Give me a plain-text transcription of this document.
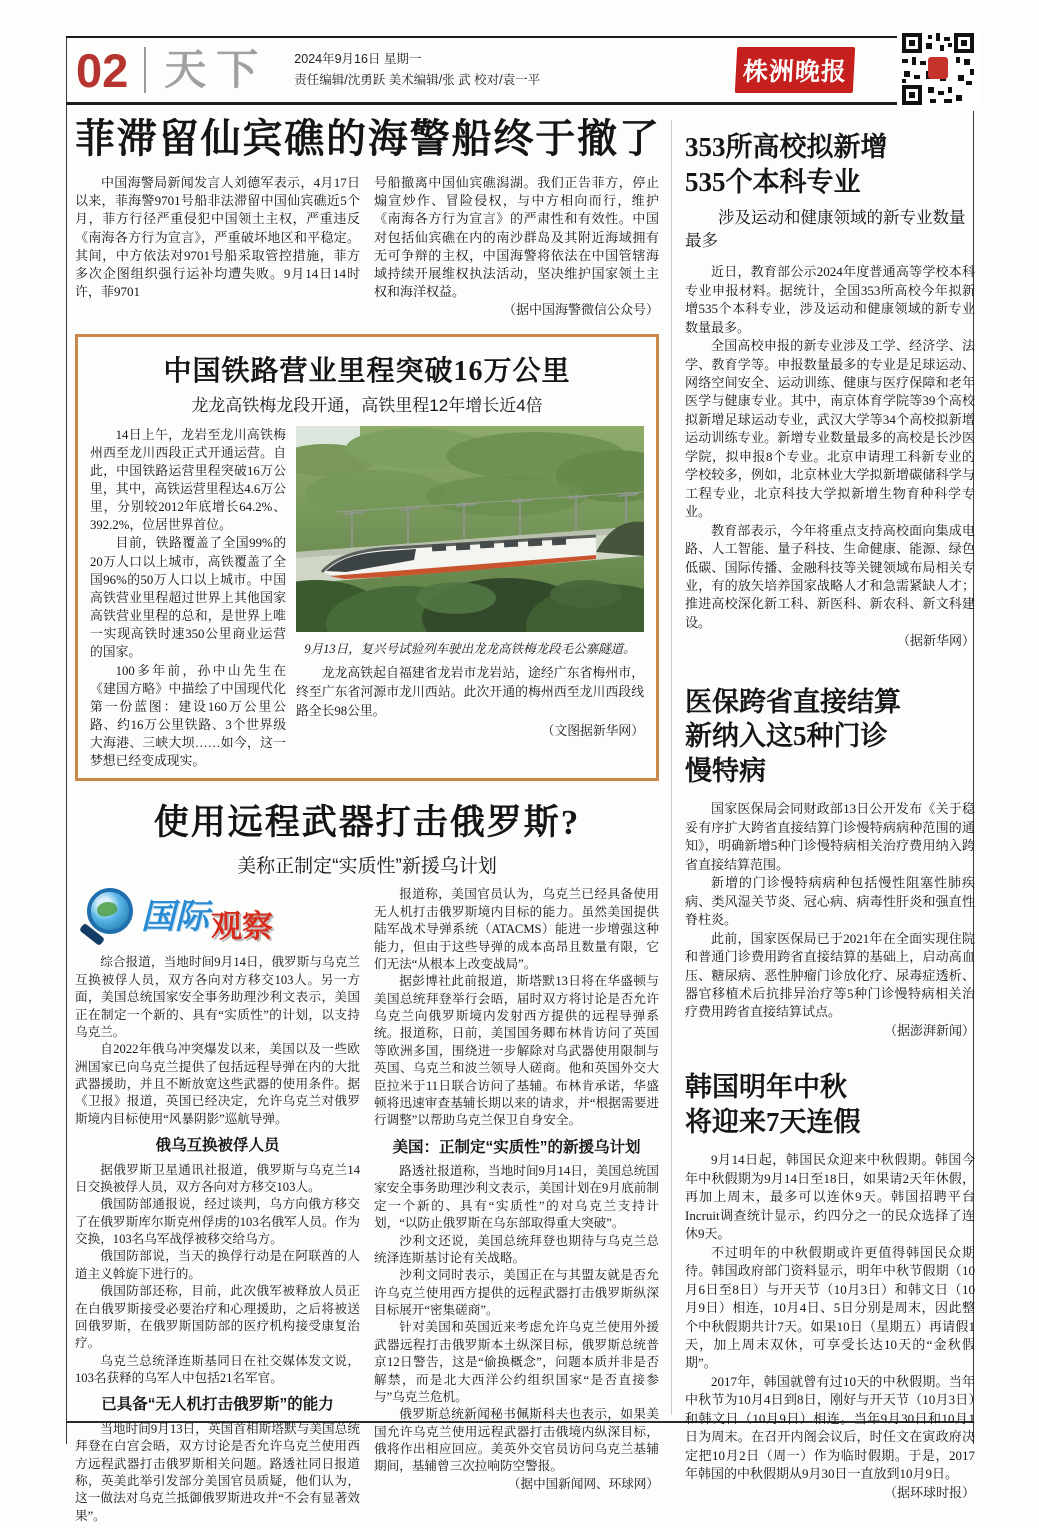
02 天下 2024年9月16日 星期一
责任编辑/沈勇跃 美术编辑/张 武 校对/袁一平	株洲晚报
菲滞留仙宾礁的海警船终于撤了

中国海警局新闻发言人刘德军表示，4月17日以来，菲海警9701号船非法滞留中国仙宾礁近5个月，菲方行径严重侵犯中国领土主权，严重违反《南海各方行为宣言》，严重破坏地区和平稳定。其间，中方依法对9701号船采取管控措施，菲方多次企图组织强行运补均遭失败。9月14日14时许，菲9701

号船撤离中国仙宾礁潟湖。我们正告菲方，停止煽宣炒作、冒险侵权，与中方相向而行，维护《南海各方行为宣言》的严肃性和有效性。中国对包括仙宾礁在内的南沙群岛及其附近海域拥有无可争辩的主权，中国海警将依法在中国管辖海域持续开展维权执法活动，坚决维护国家领土主权和海洋权益。

（据中国海警微信公众号）

中国铁路营业里程突破16万公里
龙龙高铁梅龙段开通，高铁里程12年增长近4倍
9月13日，复兴号试验列车驶出龙龙高铁梅龙段毛公寨隧道。

龙龙高铁起自福建省龙岩市龙岩站，途经广东省梅州市，终至广东省河源市龙川西站。此次开通的梅州西至龙川西段线路全长98公里。

（文图据新华网）

14日上午，龙岩至龙川高铁梅州西至龙川西段正式开通运营。自此，中国铁路运营里程突破16万公里，其中，高铁运营里程达4.6万公里，分别较2012年底增长64.2%、392.2%，位居世界首位。

目前，铁路覆盖了全国99%的20万人口以上城市，高铁覆盖了全国96%的50万人口以上城市。中国高铁营业里程超过世界上其他国家高铁营业里程的总和，是世界上唯一实现高铁时速350公里商业运营的国家。

100多年前，孙中山先生在《建国方略》中描绘了中国现代化第一份蓝图：建设160万公里公路、约16万公里铁路、3个世界级大海港、三峡大坝……如今，这一梦想已经变成现实。

使用远程武器打击俄罗斯?
美称正制定“实质性”新援乌计划
国际观察

综合报道，当地时间9月14日，俄罗斯与乌克兰互换被俘人员，双方各向对方移交103人。另一方面，美国总统国家安全事务助理沙利文表示，美国正在制定一个新的、具有“实质性”的计划，以支持乌克兰。

自2022年俄乌冲突爆发以来，美国以及一些欧洲国家已向乌克兰提供了包括远程导弹在内的大批武器援助，并且不断放宽这些武器的使用条件。据《卫报》报道，英国已经决定，允许乌克兰对俄罗斯境内目标使用“风暴阴影”巡航导弹。

俄乌互换被俘人员

据俄罗斯卫星通讯社报道，俄罗斯与乌克兰14日交换被俘人员，双方各向对方移交103人。

俄国防部通报说，经过谈判，乌方向俄方移交了在俄罗斯库尔斯克州俘虏的103名俄军人员。作为交换，103名乌军战俘被移交给乌方。

俄国防部说，当天的换俘行动是在阿联酋的人道主义斡旋下进行的。

俄国防部还称，目前，此次俄军被释放人员正在白俄罗斯接受必要治疗和心理援助，之后将被送回俄罗斯，在俄罗斯国防部的医疗机构接受康复治疗。

乌克兰总统泽连斯基同日在社交媒体发文说，103名获释的乌军人中包括21名军官。

已具备“无人机打击俄罗斯”的能力

当地时间9月13日，英国首相斯塔默与美国总统拜登在白宫会晤，双方讨论是否允许乌克兰使用西方远程武器打击俄罗斯相关问题。路透社同日报道称，英美此举引发部分美国官员质疑，他们认为，这一做法对乌克兰抵御俄罗斯进攻并“不会有显著效果”。

报道称，美国官员认为，乌克兰已经具备使用无人机打击俄罗斯境内目标的能力。虽然美国提供陆军战术导弹系统（ATACMS）能进一步增强这种能力，但由于这些导弹的成本高昂且数量有限，它们无法“从根本上改变战局”。

据彭博社此前报道，斯塔默13日将在华盛顿与美国总统拜登举行会晤，届时双方将讨论是否允许乌克兰向俄罗斯境内发射西方提供的远程导弹系统。报道称，日前，美国国务卿布林肯访问了英国等欧洲多国，围绕进一步解除对乌武器使用限制与英国、乌克兰和波兰领导人磋商。他和英国外交大臣拉米于11日联合访问了基辅。布林肯承诺，华盛顿将迅速审查基辅长期以来的请求，并“根据需要进行调整”以帮助乌克兰保卫自身安全。

美国：正制定“实质性”的新援乌计划

路透社报道称，当地时间9月14日，美国总统国家安全事务助理沙利文表示，美国计划在9月底前制定一个新的、具有“实质性”的对乌克兰支持计划，“以防止俄罗斯在乌东部取得重大突破”。

沙利文还说，美国总统拜登也期待与乌克兰总统泽连斯基讨论有关战略。

沙利文同时表示，美国正在与其盟友就是否允许乌克兰使用西方提供的远程武器打击俄罗斯纵深目标展开“密集磋商”。

针对美国和英国近来考虑允许乌克兰使用外援武器远程打击俄罗斯本土纵深目标，俄罗斯总统普京12日警告，这是“偷换概念”，问题本质并非是否解禁，而是北大西洋公约组织国家“是否直接参与”乌克兰危机。

俄罗斯总统新闻秘书佩斯科夫也表示，如果美国允许乌克兰使用远程武器打击俄境内纵深目标，俄将作出相应回应。美英外交官员访问乌克兰基辅期间，基辅曾三次拉响防空警报。

（据中国新闻网、环球网）

353所高校拟新增
535个本科专业
涉及运动和健康领域的新专业数量最多

近日，教育部公示2024年度普通高等学校本科专业申报材料。据统计，全国353所高校今年拟新增535个本科专业，涉及运动和健康领域的新专业数量最多。

全国高校申报的新专业涉及工学、经济学、法学、教育学等。申报数量最多的专业是足球运动、网络空间安全、运动训练、健康与医疗保障和老年医学与健康专业。其中，南京体育学院等39个高校拟新增足球运动专业，武汉大学等34个高校拟新增运动训练专业。新增专业数量最多的高校是长沙医学院，拟申报8个专业。北京申请理工科新专业的学校较多，例如，北京林业大学拟新增碳储科学与工程专业，北京科技大学拟新增生物育种科学专业。

教育部表示，今年将重点支持高校面向集成电路、人工智能、量子科技、生命健康、能源、绿色低碳、国际传播、金融科技等关键领域布局相关专业，有的放矢培养国家战略人才和急需紧缺人才；推进高校深化新工科、新医科、新农科、新文科建设。

（据新华网）

医保跨省直接结算
新纳入这5种门诊
慢特病

国家医保局会同财政部13日公开发布《关于稳妥有序扩大跨省直接结算门诊慢特病病种范围的通知》，明确新增5种门诊慢特病相关治疗费用纳入跨省直接结算范围。

新增的门诊慢特病病种包括慢性阻塞性肺疾病、类风湿关节炎、冠心病、病毒性肝炎和强直性脊柱炎。

此前，国家医保局已于2021年在全面实现住院和普通门诊费用跨省直接结算的基础上，启动高血压、糖尿病、恶性肿瘤门诊放化疗、尿毒症透析、器官移植术后抗排异治疗等5种门诊慢特病相关治疗费用跨省直接结算试点。

（据澎湃新闻）

韩国明年中秋
将迎来7天连假

9月14日起，韩国民众迎来中秋假期。韩国今年中秋假期为9月14日至18日，如果请2天年休假，再加上周末，最多可以连休9天。韩国招聘平台Incruit调查统计显示，约四分之一的民众选择了连休9天。

不过明年的中秋假期或许更值得韩国民众期待。韩国政府部门资料显示，明年中秋节假期（10月6日至8日）与开天节（10月3日）和韩文日（10月9日）相连，10月4日、5日分别是周末，因此整个中秋假期共计7天。如果10日（星期五）再请假1天，加上周末双休，可享受长达10天的“金秋假期”。

2017年，韩国就曾有过10天的中秋假期。当年中秋节为10月4日到8日，刚好与开天节（10月3日）和韩文日（10月9日）相连。当年9月30日和10月1日为周末。在召开内阁会议后，时任文在寅政府决定把10月2日（周一）作为临时假期。于是，2017年韩国的中秋假期从9月30日一直放到10月9日。

（据环球时报）
